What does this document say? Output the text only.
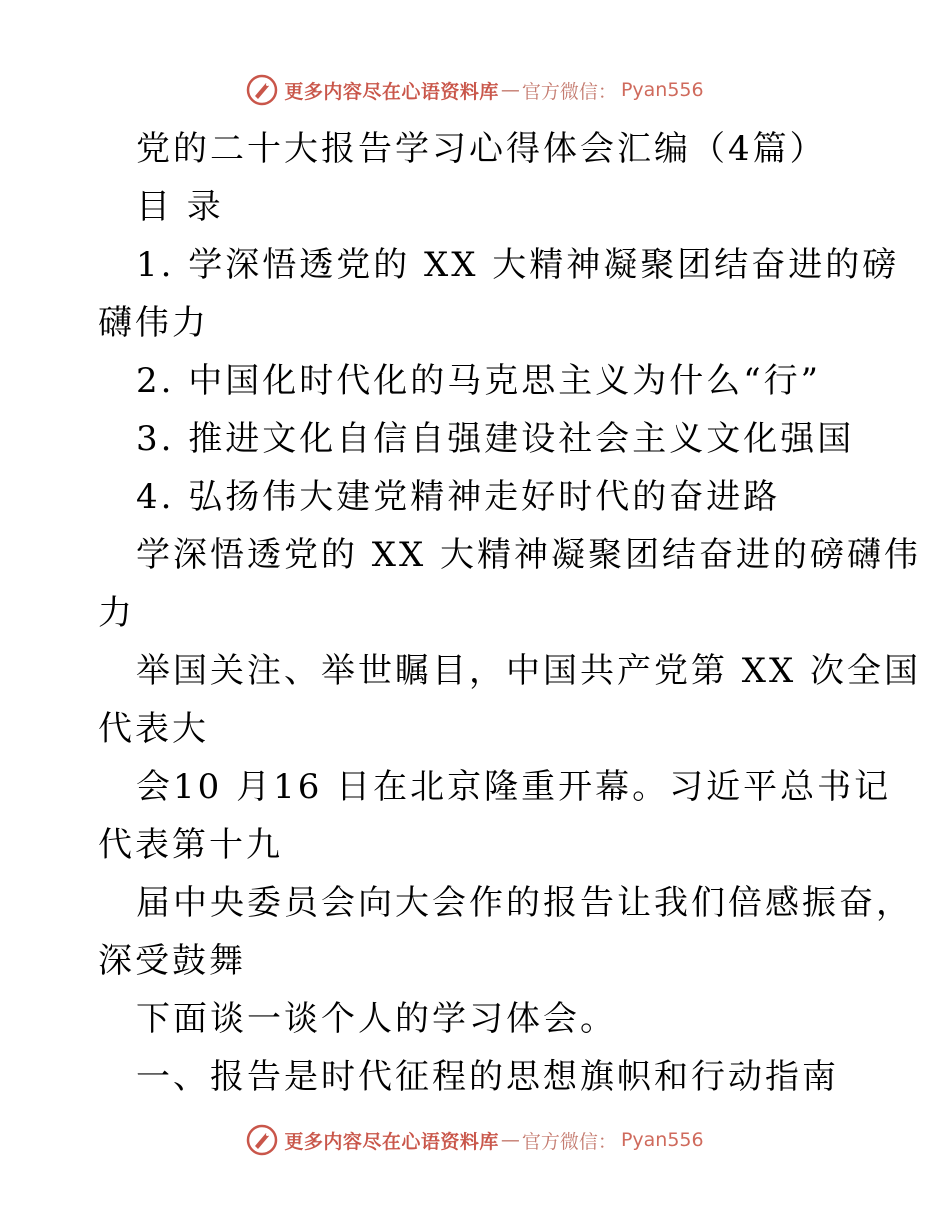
更多内容尽在心语资料库 — 官方微信： Pyan556
党的二十大报告学习心得体会汇编（4篇）
目 录
1. 学深悟透党的 XX 大精神凝聚团结奋进的磅
礴伟力
2. 中国化时代化的马克思主义为什么“行”
3. 推进文化自信自强建设社会主义文化强国
4. 弘扬伟大建党精神走好时代的奋进路
学深悟透党的 XX 大精神凝聚团结奋进的磅礴伟
力
举国关注、举世瞩目，中国共产党第 XX 次全国
代表大
会10 月16 日在北京隆重开幕。习近平总书记
代表第十九
届中央委员会向大会作的报告让我们倍感振奋，
深受鼓舞
下面谈一谈个人的学习体会。
一、报告是时代征程的思想旗帜和行动指南
更多内容尽在心语资料库 — 官方微信： Pyan556
